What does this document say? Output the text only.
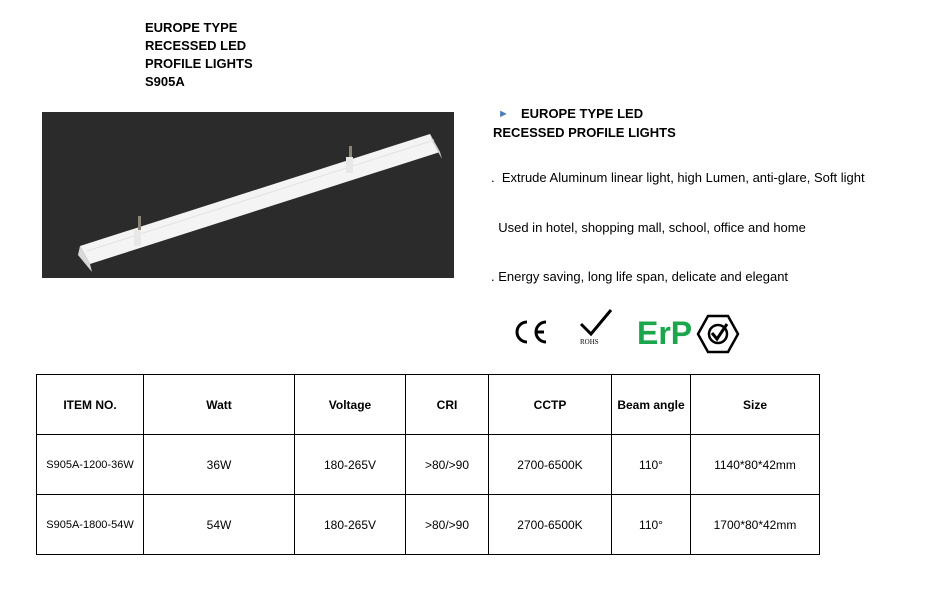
EUROPE TYPE
RECESSED LED
PROFILE LIGHTS
S905A
► EUROPE TYPE LED
RECESSED PROFILE LIGHTS
.  Extrude Aluminum linear light, high Lumen, anti-glare, Soft light
Used in hotel, shopping mall, school, office and home
. Energy saving, long life span, delicate and elegant
ROHS ErP
ITEM NO.	Watt	Voltage	CRI	CCTP	Beam angle	Size
S905A-1200-36W	36W	180-265V	>80/>90	2700-6500K	110°	1140*80*42mm
S905A-1800-54W	54W	180-265V	>80/>90	2700-6500K	110°	1700*80*42mm
